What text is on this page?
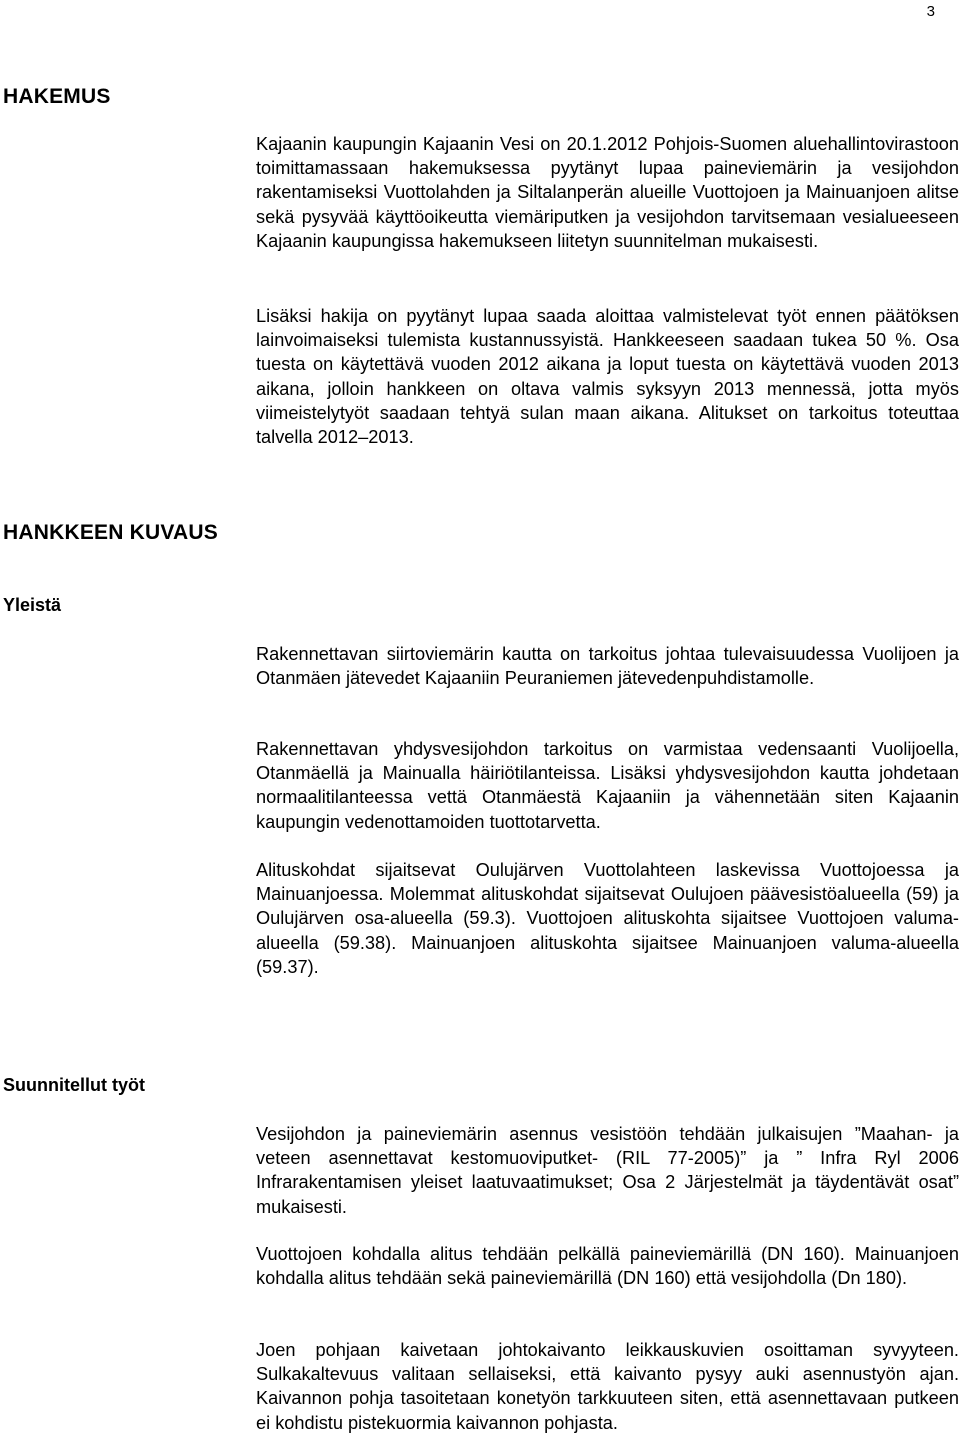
3
HAKEMUS

Kajaanin kaupungin Kajaanin Vesi on 20.1.2012 Pohjois-Suomen aluehallintovirastoon toimittamassaan hakemuksessa pyytänyt lupaa paineviemärin ja vesijohdon rakentamiseksi Vuottolahden ja Siltalanperän alueille Vuottojoen ja Mainuanjoen alitse sekä pysyvää käyttöoikeutta viemäriputken ja vesijohdon tarvitsemaan vesialueeseen Kajaanin kaupungissa hakemukseen liitetyn suunnitelman mukaisesti.

Lisäksi hakija on pyytänyt lupaa saada aloittaa valmistelevat työt ennen päätöksen lainvoimaiseksi tulemista kustannussyistä. Hankkeeseen saadaan tukea 50 %. Osa tuesta on käytettävä vuoden 2012 aikana ja loput tuesta on käytettävä vuoden 2013 aikana, jolloin hankkeen on oltava valmis syksyyn 2013 mennessä, jotta myös viimeistelytyöt saadaan tehtyä sulan maan aikana. Alitukset on tarkoitus toteuttaa talvella 2012–2013.

HANKKEEN KUVAUS
Yleistä

Rakennettavan siirtoviemärin kautta on tarkoitus johtaa tulevaisuudessa Vuolijoen ja Otanmäen jätevedet Kajaaniin Peuraniemen jätevedenpuhdistamolle.

Rakennettavan yhdysvesijohdon tarkoitus on varmistaa vedensaanti Vuolijoella, Otanmäellä ja Mainualla häiriötilanteissa. Lisäksi yhdysvesijohdon kautta johdetaan normaalitilanteessa vettä Otanmäestä Kajaaniin ja vähennetään siten Kajaanin kaupungin vedenottamoiden tuottotarvetta.

Alituskohdat sijaitsevat Oulujärven Vuottolahteen laskevissa Vuottojoessa ja Mainuanjoessa. Molemmat alituskohdat sijaitsevat Oulujoen päävesistöalueella (59) ja Oulujärven osa-alueella (59.3). Vuottojoen alituskohta sijaitsee Vuottojoen valuma-alueella (59.38). Mainuanjoen alituskohta sijaitsee Mainuanjoen valuma-alueella (59.37).

Suunnitellut työt

Vesijohdon ja paineviemärin asennus vesistöön tehdään julkaisujen ”Maahan- ja veteen asennettavat kestomuoviputket- (RIL 77-2005)” ja ” Infra Ryl 2006 Infrarakentamisen yleiset laatuvaatimukset; Osa 2 Järjestelmät ja täydentävät osat” mukaisesti.

Vuottojoen kohdalla alitus tehdään pelkällä paineviemärillä (DN 160). Mainuanjoen kohdalla alitus tehdään sekä paineviemärillä (DN 160) että vesijohdolla (Dn 180).

Joen pohjaan kaivetaan johtokaivanto leikkauskuvien osoittaman syvyyteen. Sulkakaltevuus valitaan sellaiseksi, että kaivanto pysyy auki asennustyön ajan. Kaivannon pohja tasoitetaan konetyön tarkkuuteen siten, että asennettavaan putkeen ei kohdistu pistekuormia kaivannon pohjasta.
